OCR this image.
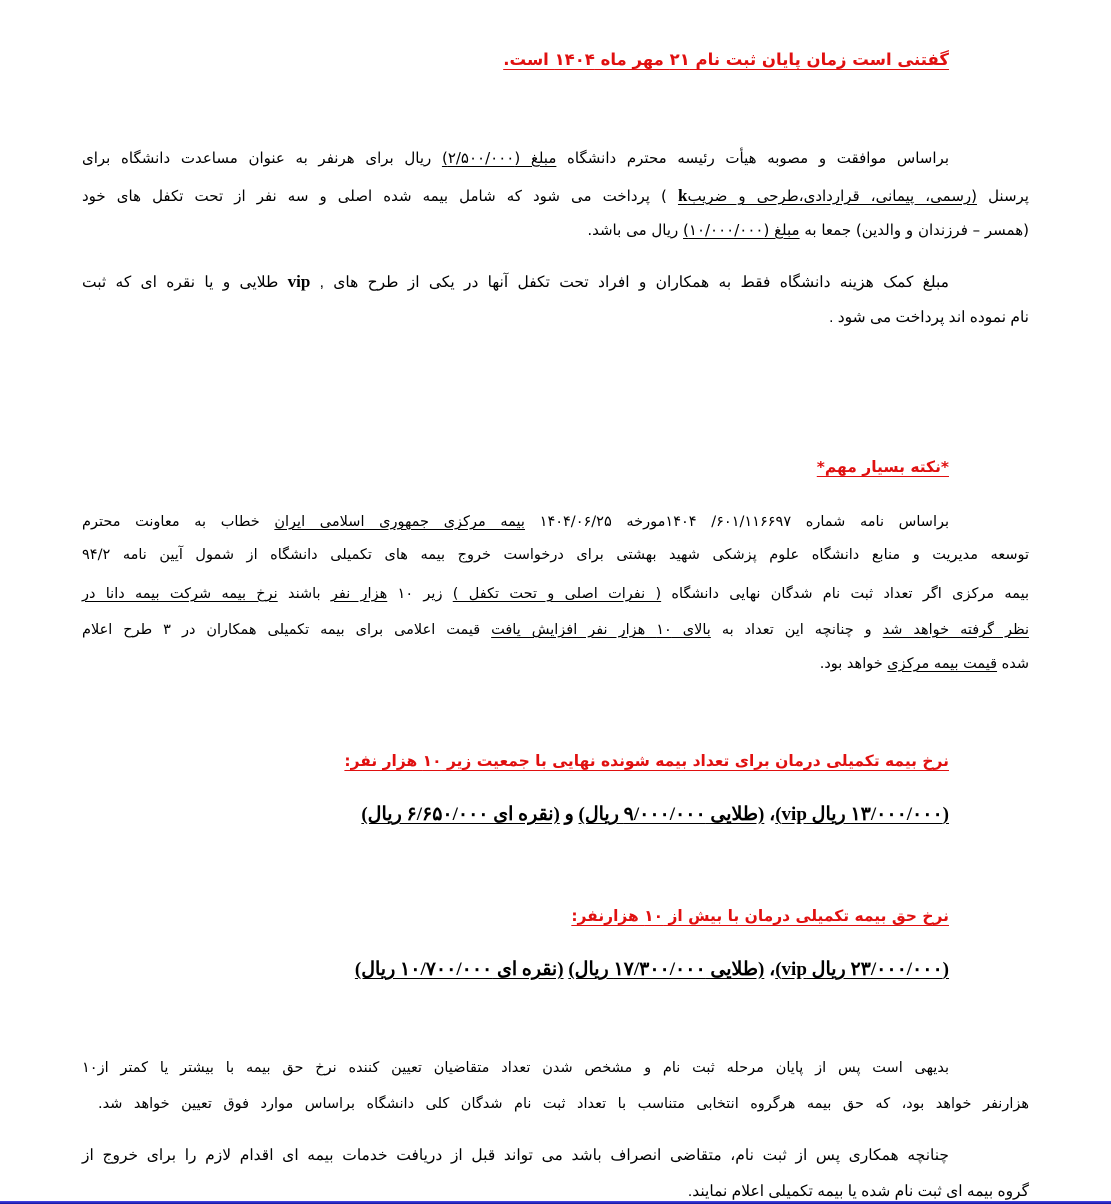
گفتنی است زمان پایان ثبت نام ۲۱ مهر ماه ۱۴۰۴ است.
براساس موافقت و مصوبه هیأت رئیسه محترم دانشگاه مبلغ (۲/۵۰۰/۰۰۰) ریال برای هرنفر به عنوان مساعدت دانشگاه برای
پرسنل (رسمی، پیمانی، قراردادی،طرحی و ضریبk ) پرداخت می شود که شامل بیمه شده اصلی و سه نفر از تحت تکفل های خود
(همسر – فرزندان و والدین) جمعا به مبلغ (۱۰/۰۰۰/۰۰۰) ریال می باشد.
مبلغ کمک هزینه دانشگاه فقط به همکاران و افراد تحت تکفل آنها در یکی از طرح های , vip طلایی و یا نقره ای که ثبت
نام نموده اند پرداخت می شود .
*نکته بسیار مهم*
براساس نامه شماره ۶۰۱/۱۱۶۶۹۷/ ۱۴۰۴مورخه ۱۴۰۴/۰۶/۲۵ بیمه مرکزی جمهوری اسلامی ایران خطاب به معاونت محترم
توسعه مدیریت و منابع دانشگاه علوم پزشکی شهید بهشتی برای درخواست خروج بیمه های تکمیلی دانشگاه از شمول آیین نامه ۹۴/۲
بیمه مرکزی اگر تعداد ثبت نام شدگان نهایی دانشگاه ( نفرات اصلی و تحت تکفل ) زیر ۱۰ هزار نفر باشند نرخ بیمه شرکت بیمه دانا در
نظر گرفته خواهد شد و چنانچه این تعداد به بالای ۱۰ هزار نفر افزایش یافت قیمت اعلامی برای بیمه تکمیلی همکاران در ۳ طرح اعلام
شده قیمت بیمه مرکزی خواهد بود.
نرخ بیمه تکمیلی درمان برای تعداد بیمه شونده نهایی با جمعیت زیر ۱۰ هزار نفر:
(۱۳/۰۰۰/۰۰۰ ریال vip)، (طلایی ۹/۰۰۰/۰۰۰ ریال) و (نقره ای ۶/۶۵۰/۰۰۰ ریال)
نرخ حق بیمه تکمیلی درمان با بیش از ۱۰ هزارنفر:
(۲۳/۰۰۰/۰۰۰ ریال vip)، (طلایی ۱۷/۳۰۰/۰۰۰ ریال) (نقره ای ۱۰/۷۰۰/۰۰۰ ریال)
بدیهی است پس از پایان مرحله ثبت نام و مشخص شدن تعداد متقاضیان تعیین کننده نرخ حق بیمه با بیشتر یا کمتر از۱۰
هزارنفر خواهد بود، که حق بیمه هرگروه انتخابی متناسب با تعداد ثبت نام شدگان کلی دانشگاه براساس موارد فوق تعیین خواهد شد.
چنانچه همکاری پس از ثبت نام، متقاضی انصراف باشد می تواند قبل از دریافت خدمات بیمه ای اقدام لازم را برای خروج از
گروه بیمه ای ثبت نام شده یا بیمه تکمیلی اعلام نمایند.
